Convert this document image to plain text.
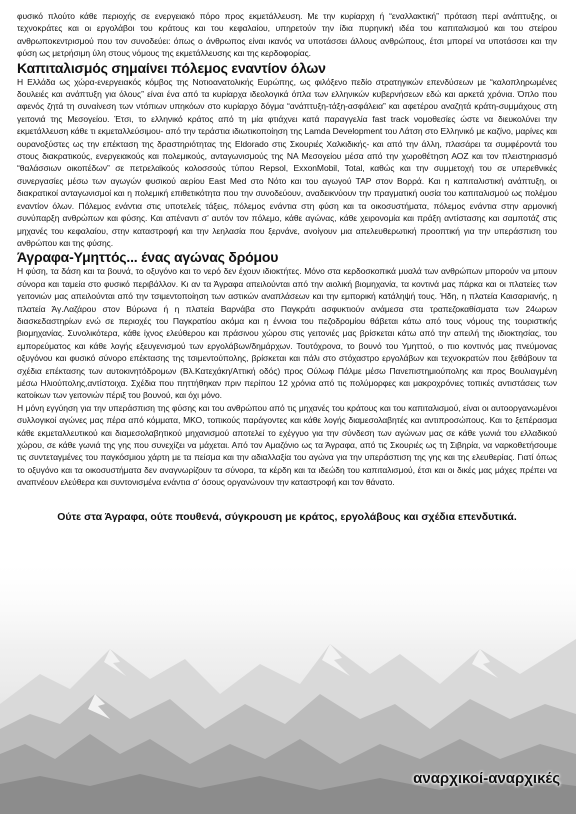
φυσικό πλούτο κάθε περιοχής σε ενεργειακό πόρο προς εκμετάλλευση. Με την κυρίαρχη ή “εναλλακτική” πρόταση περί ανάπτυξης, οι τεχνοκράτες και οι εργολάβοι του κράτους και του κεφαλαίου, υπηρετούν την ίδια πυρηνική ιδέα του καπιταλισμού και του στείρου ανθρωποκεντρισμού που τον συνοδεύει: όπως ο άνθρωπος είναι ικανός να υποτάσσει άλλους ανθρώπους, έτσι μπορεί να υποτάσσει και την φύση ως μετρήσιμη ύλη στους νόμους της εκμετάλλευσης και της κερδοφορίας.

Καπιταλισμός σημαίνει πόλεμος εναντίον όλων

Η Ελλάδα ως χώρα-ενεργειακός κόμβος της Νοτιοανατολικής Ευρώπης, ως φιλόξενο πεδίο στρατηγικών επενδύσεων με “καλοπληρωμένες δουλειές και ανάπτυξη για όλους” είναι ένα από τα κυρίαρχα ιδεολογικά όπλα των ελληνικών κυβερνήσεων εδώ και αρκετά χρόνια. Όπλο που αφενός ζητά τη συναίνεση των ντόπιων υπηκόων στο κυρίαρχο δόγμα “ανάπτυξη-τάξη-ασφάλεια” και αφετέρου αναζητά κράτη-συμμάχους στη γειτονιά της Μεσογείου. Έτσι, το ελληνικό κράτος από τη μία φτιάχνει κατά παραγγελία fast track νομοθεσίες ώστε να διευκολύνει την εκμετάλλευση κάθε τι εκμεταλλεύσιμου- από την τεράστια ιδιωτικοποίηση της Lamda Development του Λάτση στο Ελληνικό με καζίνο, μαρίνες και ουρανοξύστες ως την επέκταση της δραστηριότητας της Eldorado στις Σκουριές Χαλκιδικής- και από την άλλη, πλασάρει τα συμφέροντά του στους διακρατικούς, ενεργειακούς και πολεμικούς, ανταγωνισμούς της ΝΑ Μεσογείου μέσα από την χωροθέτηση ΑΟΖ και τον πλειστηριασμό “θαλάσσιων οικοπέδων” σε πετρελαϊκούς κολοσσούς τύπου Repsol, ExxonMobil, Total, καθώς και την συμμετοχή του σε υπερεθνικές συνεργασίες μέσω των αγωγών φυσικού αερίου East Med στο Νότο και του αγωγού TAP στον Βορρά. Και η καπιταλιστική ανάπτυξη, οι διακρατικοί ανταγωνισμοί και η πολεμική επιθετικότητα που την συνοδεύουν, αναδεικνύουν την πραγματική ουσία του καπιταλισμού ως πολέμου εναντίον όλων. Πόλεμος ενάντια στις υποτελείς τάξεις, πόλεμος ενάντια στη φύση και τα οικοσυστήματα, πόλεμος ενάντια στην αρμονική συνύπαρξη ανθρώπων και φύσης. Και απέναντι σ’ αυτόν τον πόλεμο, κάθε αγώνας, κάθε χειρονομία και πράξη αντίστασης και σαμποτάζ στις μηχανές του κεφαλαίου, στην καταστροφή και την λεηλασία που ξερνάνε, ανοίγουν μια απελευθερωτική προοπτική για την υπεράσπιση του ανθρώπου και της φύσης.

Άγραφα-Υμηττός... ένας αγώνας δρόμου

Η φύση, τα δάση και τα βουνά, το οξυγόνο και το νερό δεν έχουν ιδιοκτήτες. Μόνο στα κερδοσκοπικά μυαλά των ανθρώπων μπορούν να μπουν σύνορα και ταμεία στο φυσικό περιβάλλον. Κι αν τα Άγραφα απειλούνται από την αιολική βιομηχανία, τα κοντινά μας πάρκα και οι πλατείες των γειτονιών μας απειλούνται από την τσιμεντοποίηση των αστικών αναπλάσεων και την εμπορική κατάληψή τους. Ήδη, η πλατεία Καισαριανής, η πλατεία Άγ.Λαζάρου στον Βύρωνα ή η πλατεία Βαρνάβα στο Παγκράτι ασφυκτιούν ανάμεσα στα τραπεζοκαθίσματα των 24ωρων διασκεδαστηρίων ενώ σε περιοχές του Παγκρατίου ακόμα και η έννοια του πεζοδρομίου θάβεται κάτω από τους νόμους της τουριστικής βιομηχανίας. Συνολικότερα, κάθε ίχνος ελεύθερου και πράσινου χώρου στις γειτονιές μας βρίσκεται κάτω από την απειλή της ιδιοκτησίας, του εμπορεύματος και κάθε λογής εξευγενισμού των εργολάβων/δημάρχων. Τουτόχρονα, το βουνό του Υμηττού, ο πιο κοντινός μας πνεύμονας οξυγόνου και φυσικό σύνορο επέκτασης της τσιμεντούπολης, βρίσκεται και πάλι στο στόχαστρο εργολάβων και τεχνοκρατών που ξεθάβουν τα σχέδια επέκτασης των αυτοκινητόδρομων (Βλ.Κατεχάκη/Αττική οδός) προς Ούλωφ Πάλμε μέσω Πανεπιστημιούπολης και προς Βουλιαγμένη μέσω Ηλιούπολης,αντίστοιχα. Σχέδια που πηττήθηκαν πριν περίπου 12 χρόνια από τις πολύμορφες και μακροχρόνιες τοπικές αντιστάσεις των κατοίκων των γειτονιών πέριξ του βουνού, και όχι μόνο.

Η μόνη εγγύηση για την υπεράσπιση της φύσης και του ανθρώπου από τις μηχανές του κράτους και του καπιταλισμού, είναι οι αυτοοργανωμένοι συλλογικοί αγώνες μας πέρα από κόμματα, ΜΚΟ, τοπικούς παράγοντες και κάθε λογής διαμεσολαβητές και αντιπροσώπους. Και το ξεπέρασμα κάθε εκμεταλλευτικού και διαμεσολαβητικού μηχανισμού αποτελεί το εχέγγυο για την σύνδεση των αγώνων μας σε κάθε γωνιά του ελλαδικού χώρου, σε κάθε γωνιά της γης που συνεχίζει να μάχεται. Από τον Αμαζόνιο ως τα Άγραφα, από τις Σκουριές ως τη Σιβηρία, να ναρκοθετήσουμε τις συντεταγμένες του παγκόσμιου χάρτη με τα πείσμα και την αδιαλλαξία του αγώνα για την υπεράσπιση της γης και της ελευθερίας. Γιατί όπως το οξυγόνο και τα οικοσυστήματα δεν αναγνωρίζουν τα σύνορα, τα κέρδη και τα ιδεώδη του καπιταλισμού, έτσι και οι δικές μας μάχες πρέπει να αναπνέουν ελεύθερα και συντονισμένα ενάντια σ’ όσους οργανώνουν την καταστροφή και τον θάνατο.

Ούτε στα Άγραφα, ούτε πουθενά, σύγκρουση με κράτος, εργολάβους και σχέδια επενδυτικά.

αναρχικοί-αναρχικές
